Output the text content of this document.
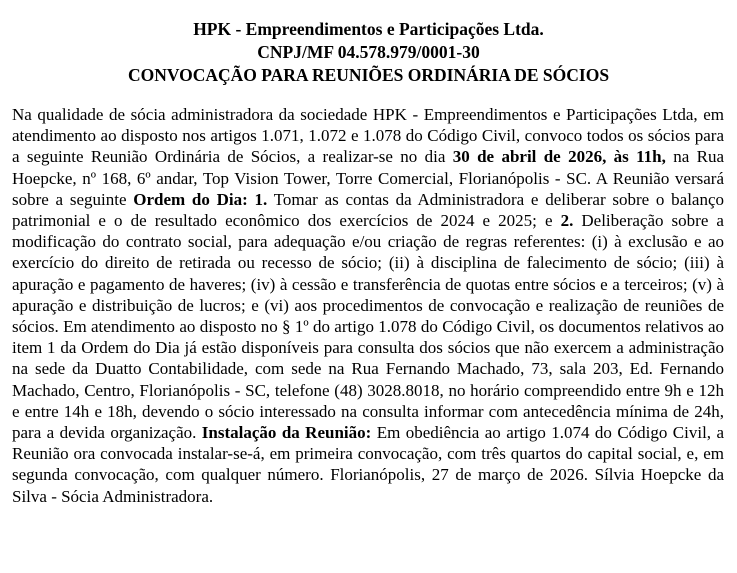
HPK - Empreendimentos e Participações Ltda.
CNPJ/MF 04.578.979/0001-30
CONVOCAÇÃO PARA REUNIÕES ORDINÁRIA DE SÓCIOS
Na qualidade de sócia administradora da sociedade HPK - Empreendimentos e Participações Ltda, em atendimento ao disposto nos artigos 1.071, 1.072 e 1.078 do Código Civil, convoco todos os sócios para a seguinte Reunião Ordinária de Sócios, a realizar-se no dia 30 de abril de 2026, às 11h, na Rua Hoepcke, nº 168, 6º andar, Top Vision Tower, Torre Comercial, Florianópolis - SC. A Reunião versará sobre a seguinte Ordem do Dia: 1. Tomar as contas da Administradora e deliberar sobre o balanço patrimonial e o de resultado econômico dos exercícios de 2024 e 2025; e 2. Deliberação sobre a modificação do contrato social, para adequação e/ou criação de regras referentes: (i) à exclusão e ao exercício do direito de retirada ou recesso de sócio; (ii) à disciplina de falecimento de sócio; (iii) à apuração e pagamento de haveres; (iv) à cessão e transferência de quotas entre sócios e a terceiros; (v) à apuração e distribuição de lucros; e (vi) aos procedimentos de convocação e realização de reuniões de sócios. Em atendimento ao disposto no § 1º do artigo 1.078 do Código Civil, os documentos relativos ao item 1 da Ordem do Dia já estão disponíveis para consulta dos sócios que não exercem a administração na sede da Duatto Contabilidade, com sede na Rua Fernando Machado, 73, sala 203, Ed. Fernando Machado, Centro, Florianópolis - SC, telefone (48) 3028.8018, no horário compreendido entre 9h e 12h e entre 14h e 18h, devendo o sócio interessado na consulta informar com antecedência mínima de 24h, para a devida organização. Instalação da Reunião: Em obediência ao artigo 1.074 do Código Civil, a Reunião ora convocada instalar-se-á, em primeira convocação, com três quartos do capital social, e, em segunda convocação, com qualquer número. Florianópolis, 27 de março de 2026. Sílvia Hoepcke da Silva - Sócia Administradora.
